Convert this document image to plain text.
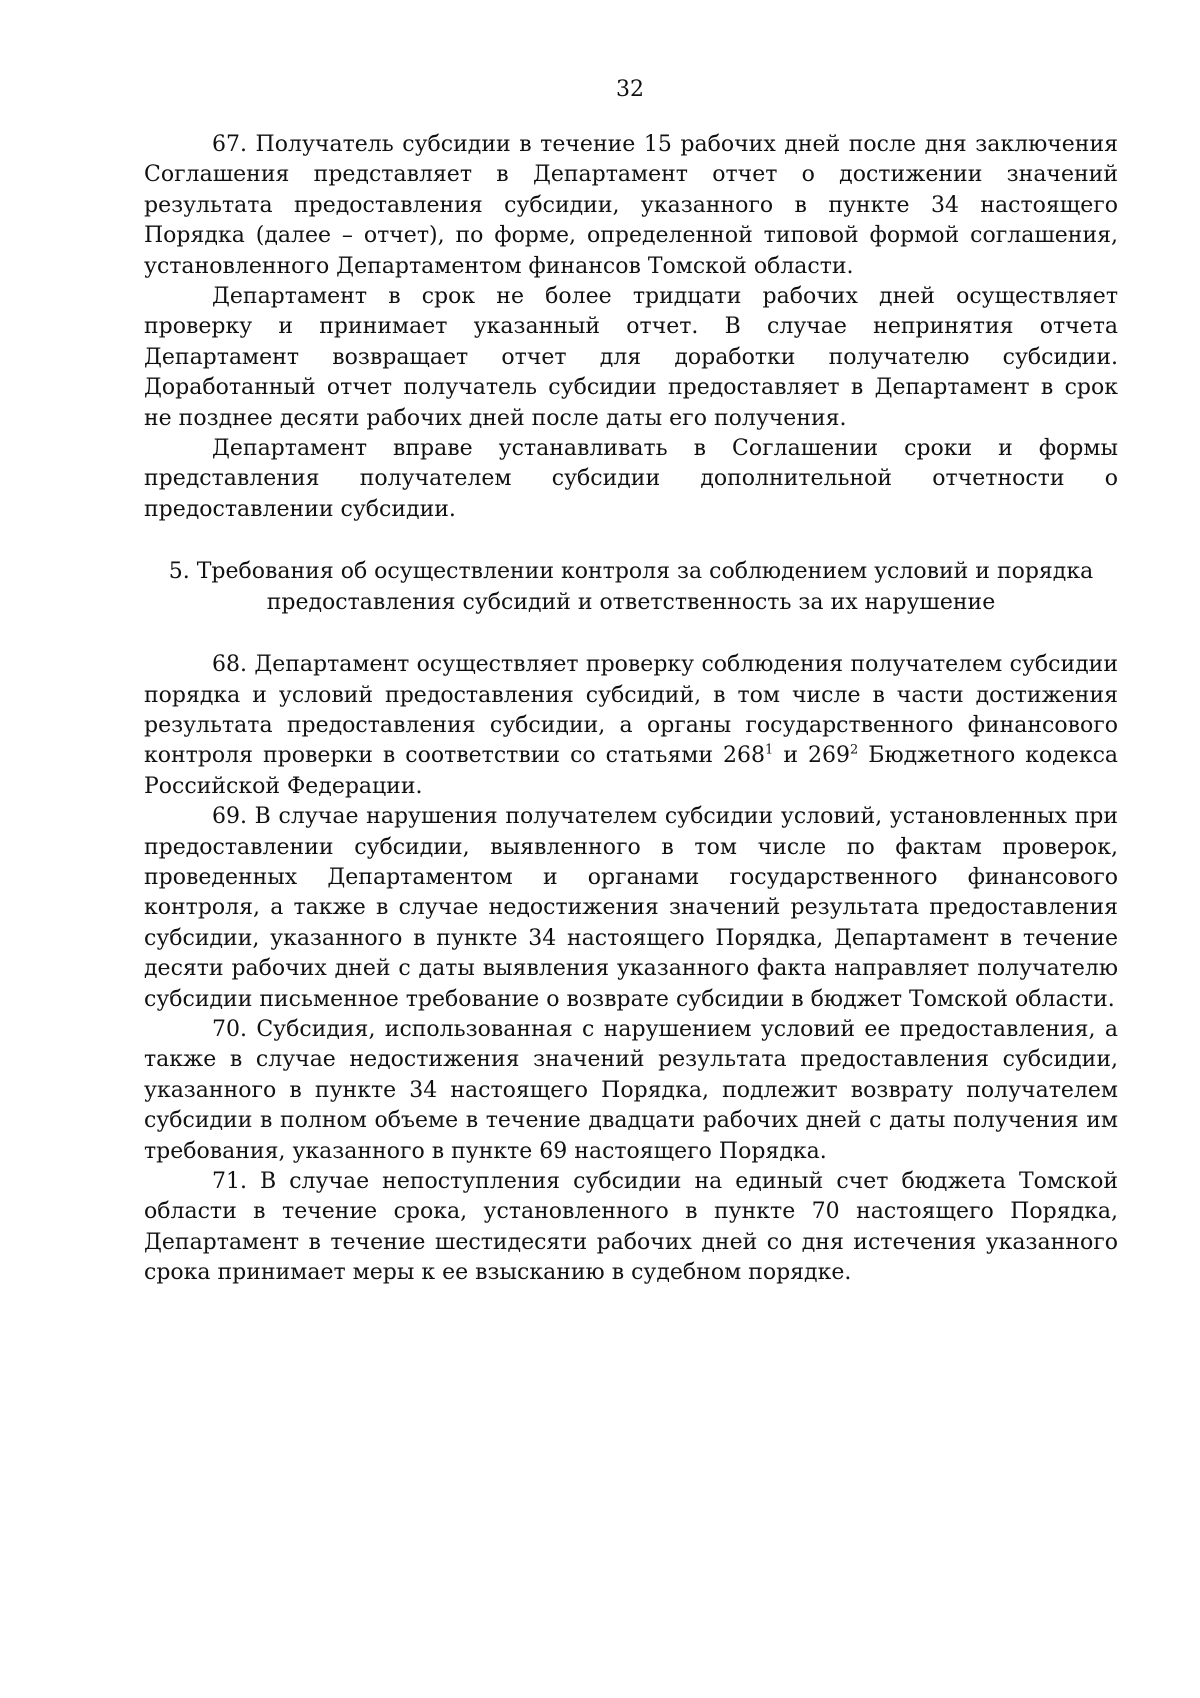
32

67. Получатель субсидии в течение 15 рабочих дней после дня заключения Соглашения представляет в Департамент отчет о достижении значений результата предоставления субсидии, указанного в пункте 34 настоящего Порядка (далее – отчет), по форме, определенной типовой формой соглашения, установленного Департаментом финансов Томской области.

Департамент в срок не более тридцати рабочих дней осуществляет проверку и принимает указанный отчет. В случае непринятия отчета Департамент возвращает отчет для доработки получателю субсидии. Доработанный отчет получатель субсидии предоставляет в Департамент в срок не позднее десяти рабочих дней после даты его получения.

Департамент вправе устанавливать в Соглашении сроки и формы представления получателем субсидии дополнительной отчетности о предоставлении субсидии.

5. Требования об осуществлении контроля за соблюдением условий и порядка
предоставления субсидий и ответственность за их нарушение

68. Департамент осуществляет проверку соблюдения получателем субсидии порядка и условий предоставления субсидий, в том числе в части достижения результата предоставления субсидии, а органы государственного финансового контроля проверки в соответствии со статьями $268^1$ и $269^2$ Бюджетного кодекса Российской Федерации.

69. В случае нарушения получателем субсидии условий, установленных при предоставлении субсидии, выявленного в том числе по фактам проверок, проведенных Департаментом и органами государственного финансового контроля, а также в случае недостижения значений результата предоставления субсидии, указанного в пункте 34 настоящего Порядка, Департамент в течение десяти рабочих дней с даты выявления указанного факта направляет получателю субсидии письменное требование о возврате субсидии в бюджет Томской области.

70. Субсидия, использованная с нарушением условий ее предоставления, а также в случае недостижения значений результата предоставления субсидии, указанного в пункте 34 настоящего Порядка, подлежит возврату получателем субсидии в полном объеме в течение двадцати рабочих дней с даты получения им требования, указанного в пункте 69 настоящего Порядка.

71. В случае непоступления субсидии на единый счет бюджета Томской области в течение срока, установленного в пункте 70 настоящего Порядка, Департамент в течение шестидесяти рабочих дней со дня истечения указанного срока принимает меры к ее взысканию в судебном порядке.
